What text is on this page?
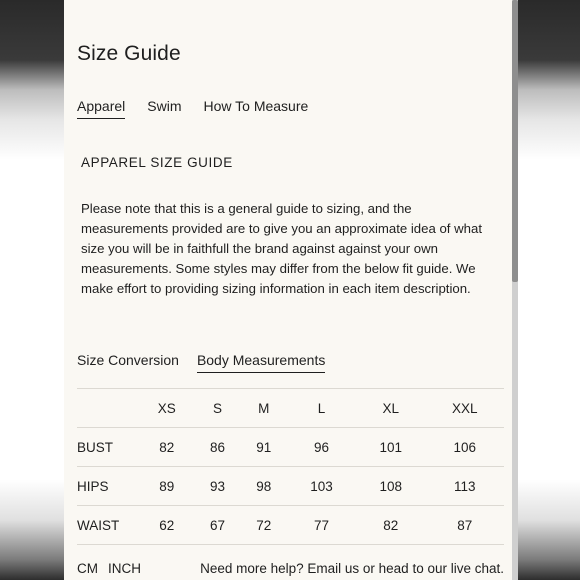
Size Guide
Apparel Swim How To Measure
APPAREL SIZE GUIDE

Please note that this is a general guide to sizing, and the measurements provided are to give you an approximate idea of what size you will be in faithfull the brand against against your own measurements. Some styles may differ from the below fit guide. We make effort to providing sizing information in each item description.

Size Conversion Body Measurements
	XS	S	M	L	XL	XXL
BUST	82	86	91	96	101	106
HIPS	89	93	98	103	108	113
WAIST	62	67	72	77	82	87
CM INCH	Need more help? Email us or head to our live chat.
